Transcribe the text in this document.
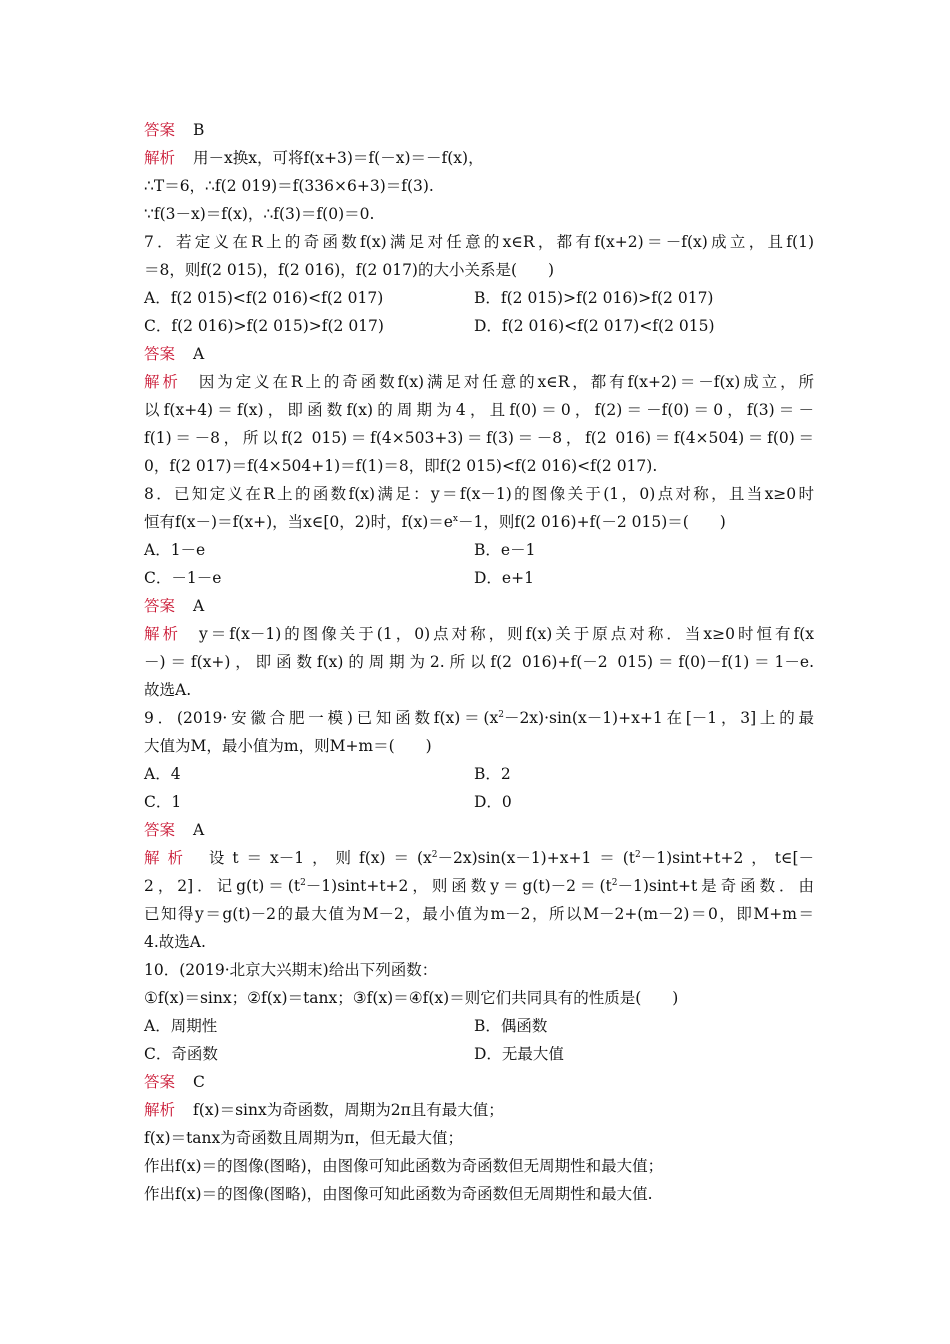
答案 B
解析 用－x换x，可将f(x+3)＝f(－x)＝－f(x)，
∴T＝6，∴f(2 019)＝f(336×6+3)＝f(3).
∵f(3－x)＝f(x)，∴f(3)＝f(0)＝0.
7．若定义在R上的奇函数f(x)满足对任意的x∈R，都有f(x+2)＝－f(x)成立，且f(1)
＝8，则f(2 015)，f(2 016)，f(2 017)的大小关系是(　　)
A．f(2 015)<f(2 016)<f(2 017)	B．f(2 015)>f(2 016)>f(2 017)
C．f(2 016)>f(2 015)>f(2 017)	D．f(2 016)<f(2 017)<f(2 015)
答案 A
解析 因为定义在R上的奇函数f(x)满足对任意的x∈R，都有f(x+2)＝－f(x)成立，所
以f(x+4)＝f(x)，即函数f(x)的周期为4，且f(0)＝0，f(2)＝－f(0)＝0，f(3)＝－
f(1)＝－8，所以f(2 015)＝f(4×503+3)＝f(3)＝－8，f(2 016)＝f(4×504)＝f(0)＝
0，f(2 017)＝f(4×504+1)＝f(1)＝8，即f(2 015)<f(2 016)<f(2 017).
8．已知定义在R上的函数f(x)满足：y＝f(x－1)的图像关于(1，0)点对称，且当x≥0时
恒有f(x－)＝f(x+)，当x∈[0，2)时，$f(x)=e^x-1$，则f(2 016)+f(－2 015)＝(　　)
A．1－e	B．e－1
C．－1－e	D．e+1
答案 A
解析 y＝f(x－1)的图像关于(1，0)点对称，则f(x)关于原点对称．当x≥0时恒有f(x
－)＝f(x+)，即函数f(x)的周期为2.所以f(2 016)+f(－2 015)＝f(0)－f(1)＝1－e.
故选A.
9．(2019·安徽合肥一模)已知函数$f(x)=(x^2-2x)\cdot\sin(x-1)+x+1$在[－1，3]上的最
大值为M，最小值为m，则M+m＝(　　)
A．4	B．2
C．1	D．0
答案 A
解析 设t＝x－1，则$f(x)=(x^2-2x)\sin(x-1)+x+1=(t^2-1)\sin t+t+2$，t∈[－
2，2]．记$g(t)=(t^2-1)\sin t+t+2$，则函数$y=g(t)-2=(t^2-1)\sin t+t$是奇函数．由
已知得y＝g(t)－2的最大值为M－2，最小值为m－2，所以M－2+(m－2)＝0，即M+m＝
4.故选A.
10．(2019·北京大兴期末)给出下列函数：
①f(x)＝sinx；②f(x)＝tanx；③f(x)＝④f(x)＝则它们共同具有的性质是(　　)
A．周期性	B．偶函数
C．奇函数	D．无最大值
答案 C
解析 f(x)＝sinx为奇函数，周期为2π且有最大值；
f(x)＝tanx为奇函数且周期为π，但无最大值；
作出f(x)＝的图像(图略)，由图像可知此函数为奇函数但无周期性和最大值；
作出f(x)＝的图像(图略)，由图像可知此函数为奇函数但无周期性和最大值.
